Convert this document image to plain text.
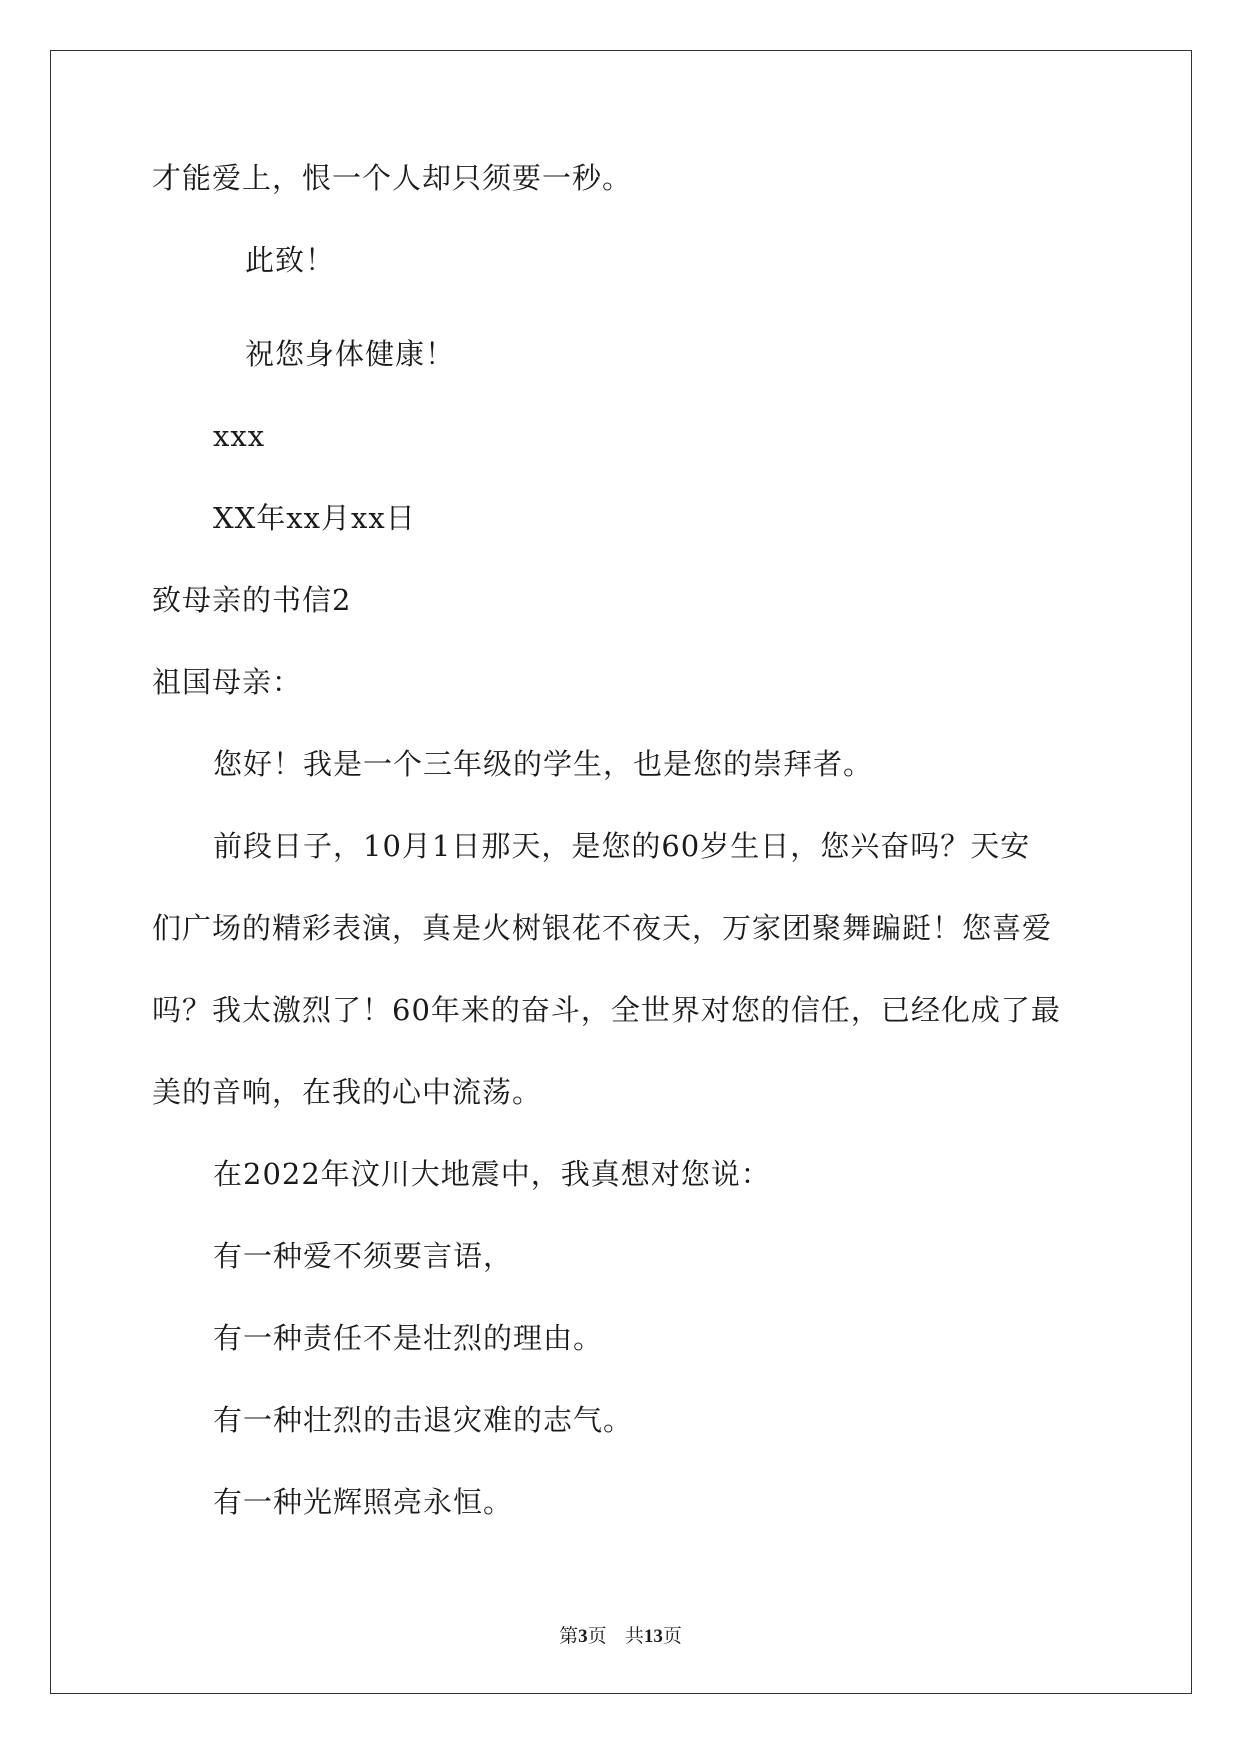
才能爱上，恨一个人却只须要一秒。
此致！
祝您身体健康！
xxx
XX年xx月xx日
致母亲的书信2
祖国母亲：
您好！我是一个三年级的学生，也是您的崇拜者。
前段日子，10月1日那天，是您的60岁生日，您兴奋吗？天安
们广场的精彩表演，真是火树银花不夜天，万家团聚舞蹁跹！您喜爱
吗？我太激烈了！60年来的奋斗，全世界对您的信任，已经化成了最
美的音响，在我的心中流荡。
在2022年汶川大地震中，我真想对您说：
有一种爱不须要言语，
有一种责任不是壮烈的理由。
有一种壮烈的击退灾难的志气。
有一种光辉照亮永恒。
第3页 共13页
